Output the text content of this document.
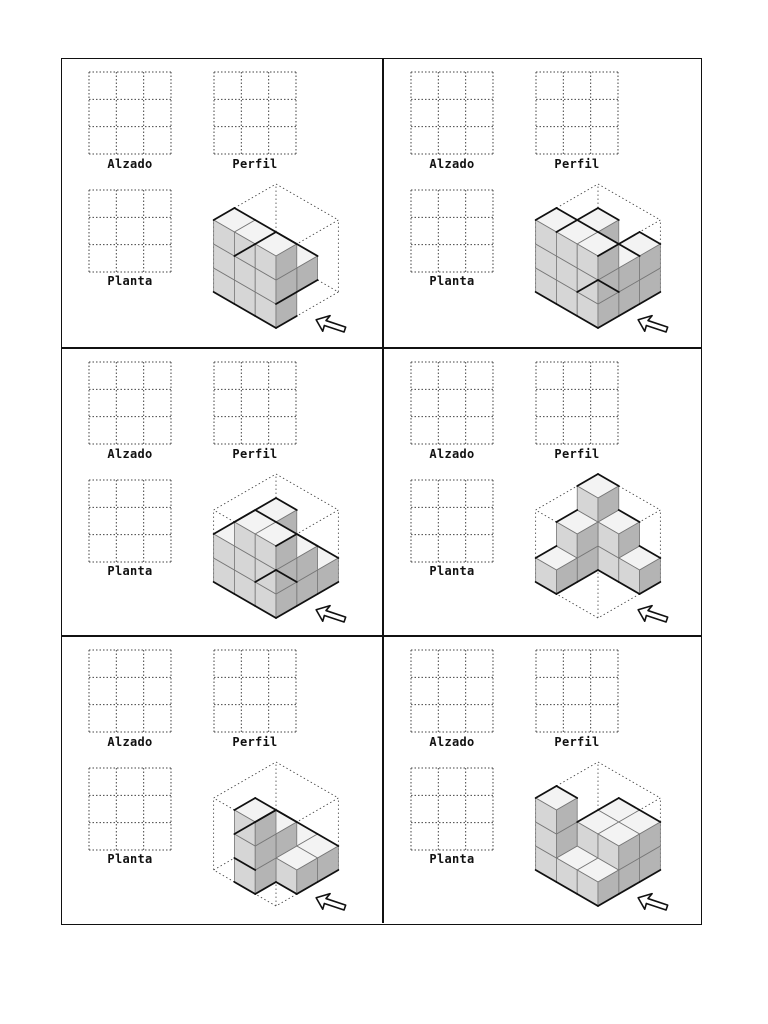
Alzado	Perfil
Planta
Alzado	Perfil
Planta
Alzado	Perfil
Planta
Alzado	Perfil
Planta
Alzado	Perfil
Planta
Alzado	Perfil
Planta
